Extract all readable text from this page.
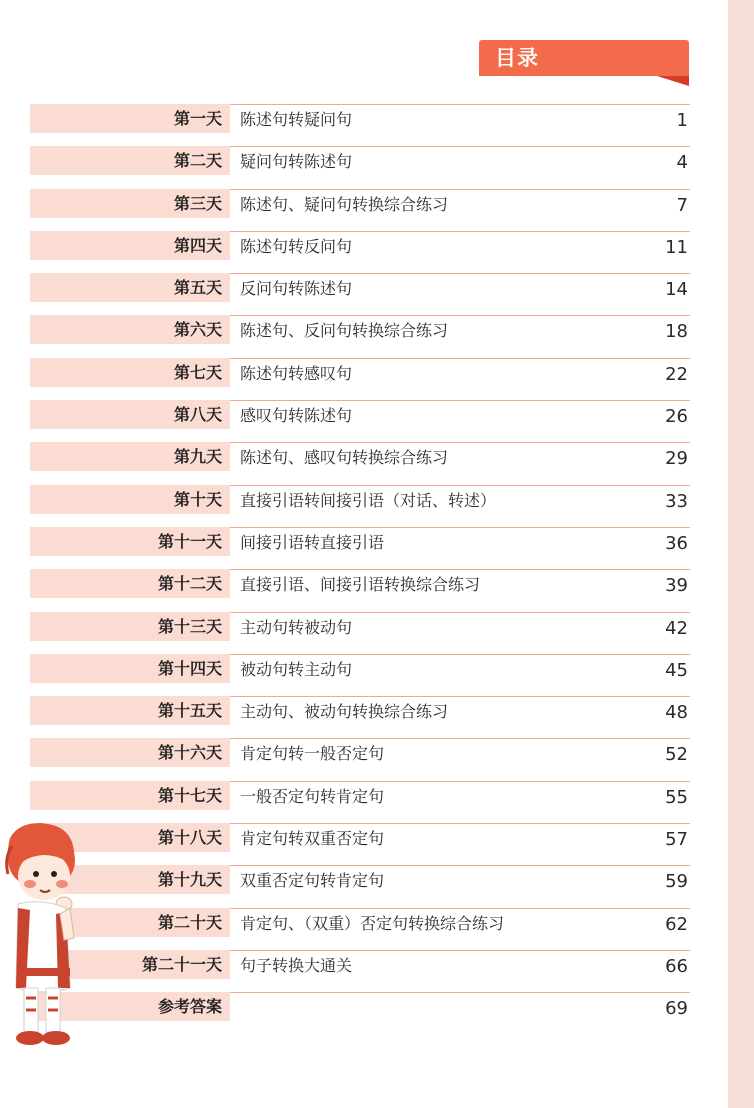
目录
第一天 陈述句转疑问句	1
第二天 疑问句转陈述句	4
第三天 陈述句、疑问句转换综合练习	7
第四天 陈述句转反问句	11
第五天 反问句转陈述句	14
第六天 陈述句、反问句转换综合练习	18
第七天 陈述句转感叹句	22
第八天 感叹句转陈述句	26
第九天 陈述句、感叹句转换综合练习	29
第十天 直接引语转间接引语（对话、转述）	33
第十一天 间接引语转直接引语	36
第十二天 直接引语、间接引语转换综合练习	39
第十三天 主动句转被动句	42
第十四天 被动句转主动句	45
第十五天 主动句、被动句转换综合练习	48
第十六天 肯定句转一般否定句	52
第十七天 一般否定句转肯定句	55
第十八天 肯定句转双重否定句	57
第十九天 双重否定句转肯定句	59
第二十天 肯定句、（双重）否定句转换综合练习	62
第二十一天 句子转换大通关	66
参考答案	69
